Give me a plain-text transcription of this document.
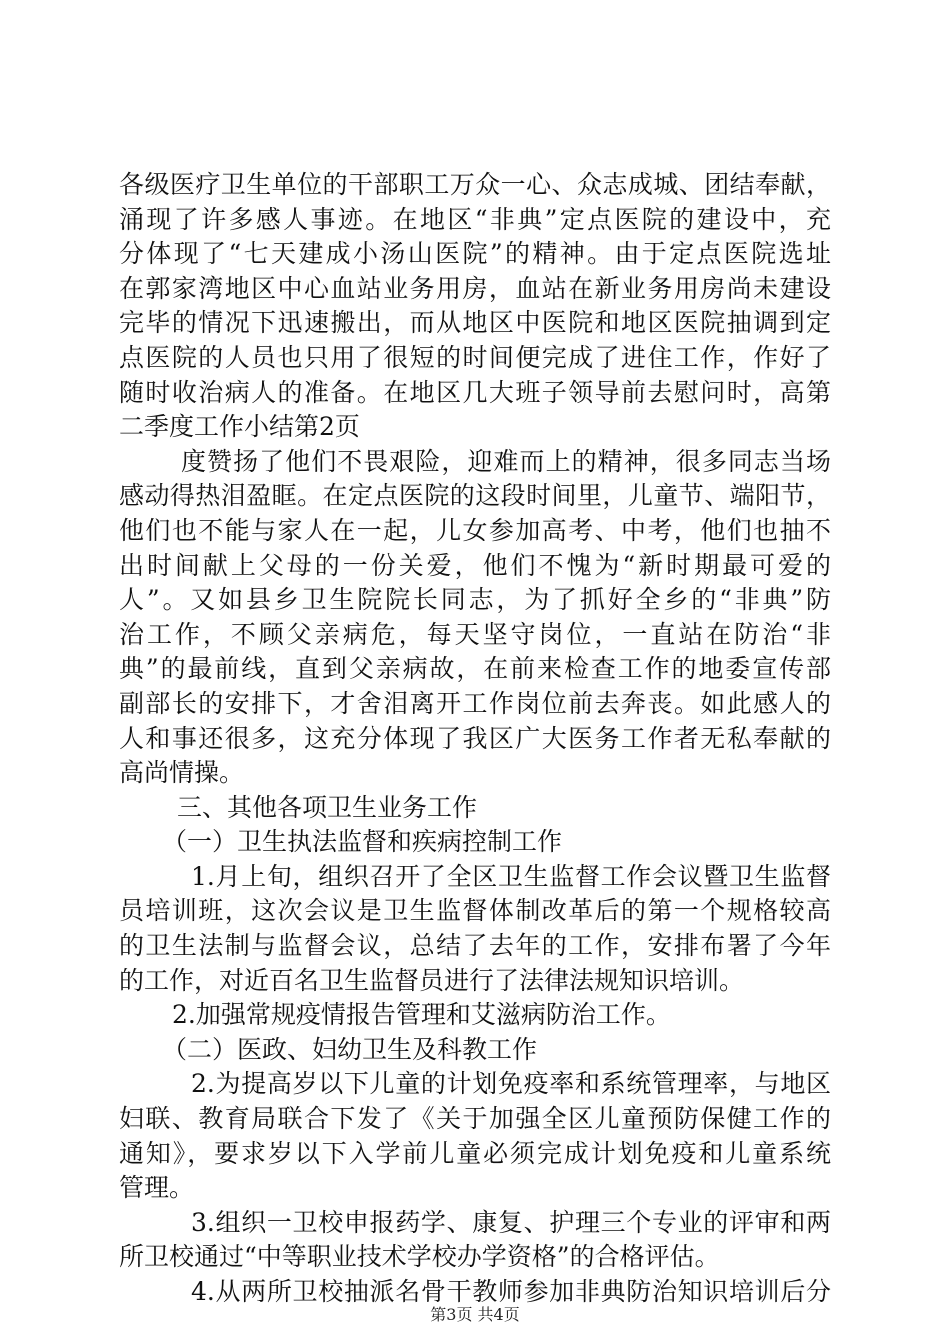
各级医疗卫生单位的干部职工万众一心、众志成城、团结奉献，
涌现了许多感人事迹。在地区“非典”定点医院的建设中，充
分体现了“七天建成小汤山医院”的精神。由于定点医院选址
在郭家湾地区中心血站业务用房，血站在新业务用房尚未建设
完毕的情况下迅速搬出，而从地区中医院和地区医院抽调到定
点医院的人员也只用了很短的时间便完成了进住工作，作好了
随时收治病人的准备。在地区几大班子领导前去慰问时，高第
二季度工作小结第2页
度赞扬了他们不畏艰险，迎难而上的精神，很多同志当场
感动得热泪盈眶。在定点医院的这段时间里，儿童节、端阳节，
他们也不能与家人在一起，儿女参加高考、中考，他们也抽不
出时间献上父母的一份关爱，他们不愧为“新时期最可爱的
人”。又如县乡卫生院院长同志，为了抓好全乡的“非典”防
治工作，不顾父亲病危，每天坚守岗位，一直站在防治“非
典”的最前线，直到父亲病故，在前来检查工作的地委宣传部
副部长的安排下，才舍泪离开工作岗位前去奔丧。如此感人的
人和事还很多，这充分体现了我区广大医务工作者无私奉献的
高尚情操。
三、其他各项卫生业务工作
（一）卫生执法监督和疾病控制工作
1.月上旬，组织召开了全区卫生监督工作会议暨卫生监督
员培训班，这次会议是卫生监督体制改革后的第一个规格较高
的卫生法制与监督会议，总结了去年的工作，安排布署了今年
的工作，对近百名卫生监督员进行了法律法规知识培训。
2.加强常规疫情报告管理和艾滋病防治工作。
（二）医政、妇幼卫生及科教工作
2.为提高岁以下儿童的计划免疫率和系统管理率，与地区
妇联、教育局联合下发了《关于加强全区儿童预防保健工作的
通知》，要求岁以下入学前儿童必须完成计划免疫和儿童系统
管理。
3.组织一卫校申报药学、康复、护理三个专业的评审和两
所卫校通过“中等职业技术学校办学资格”的合格评估。
4.从两所卫校抽派名骨干教师参加非典防治知识培训后分
第3页 共4页
